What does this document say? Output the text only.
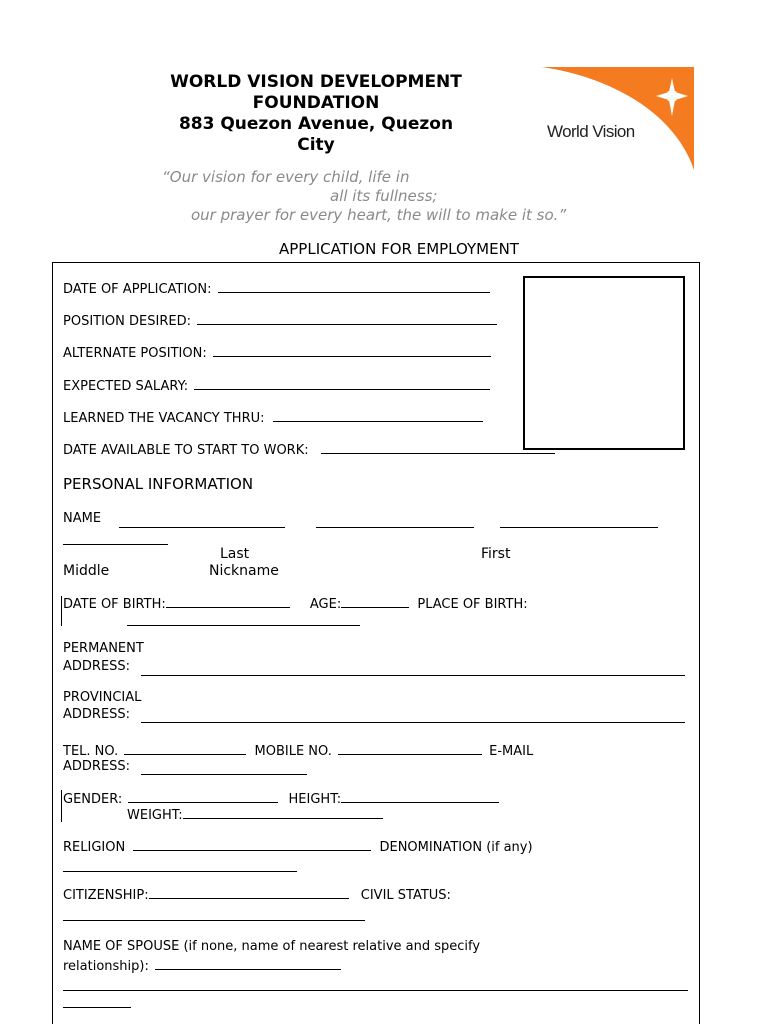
WORLD VISION DEVELOPMENT
FOUNDATION
883 Quezon Avenue, Quezon
City
World Vision
“Our vision for every child, life in
all its fullness;
our prayer for every heart, the will to make it so.”
APPLICATION FOR EMPLOYMENT
DATE OF APPLICATION:
POSITION DESIRED:
ALTERNATE POSITION:
EXPECTED SALARY:
LEARNED THE VACANCY THRU:
DATE AVAILABLE TO START TO WORK:
PERSONAL INFORMATION
NAME
Last	First
Middle	Nickname
DATE OF BIRTH:	AGE:	PLACE OF BIRTH:
PERMANENT
ADDRESS:
PROVINCIAL
ADDRESS:
TEL. NO.	MOBILE NO.	E-MAIL
ADDRESS:
GENDER:	HEIGHT:
WEIGHT:
RELIGION	DENOMINATION (if any)
CITIZENSHIP:	CIVIL STATUS:
NAME OF SPOUSE (if none, name of nearest relative and specify
relationship):
